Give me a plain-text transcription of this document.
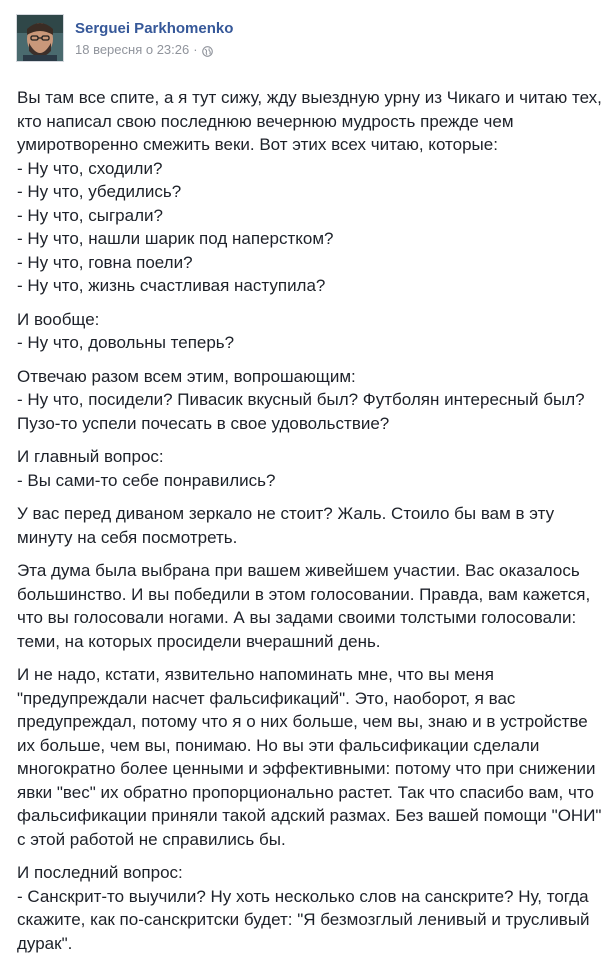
Serguei Parkhomenko
18 вересня о 23:26 ·

Вы там все спите, а я тут сижу, жду выездную урну из Чикаго и читаю тех, кто написал свою последнюю вечернюю мудрость прежде чем умиротворенно смежить веки. Вот этих всех читаю, которые:
- Ну что, сходили?
- Ну что, убедились?
- Ну что, сыграли?
- Ну что, нашли шарик под наперстком?
- Ну что, говна поели?
- Ну что, жизнь счастливая наступила?

И вообще:
- Ну что, довольны теперь?

Отвечаю разом всем этим, вопрошающим:
- Ну что, посидели? Пивасик вкусный был? Футболян интересный был? Пузо-то успели почесать в свое удовольствие?

И главный вопрос:
- Вы сами-то себе понравились?

У вас перед диваном зеркало не стоит? Жаль. Стоило бы вам в эту минуту на себя посмотреть.

Эта дума была выбрана при вашем живейшем участии. Вас оказалось большинство. И вы победили в этом голосовании. Правда, вам кажется, что вы голосовали ногами. А вы задами своими толстыми голосовали: теми, на которых просидели вчерашний день.

И не надо, кстати, язвительно напоминать мне, что вы меня "предупреждали насчет фальсификаций". Это, наоборот, я вас предупреждал, потому что я о них больше, чем вы, знаю и в устройстве их больше, чем вы, понимаю. Но вы эти фальсификации сделали многократно более ценными и эффективными: потому что при снижении явки "вес" их обратно пропорционально растет. Так что спасибо вам, что фальсификации приняли такой адский размах. Без вашей помощи "ОНИ" с этой работой не справились бы.

И последний вопрос:
- Санскрит-то выучили? Ну хоть несколько слов на санскрите? Ну, тогда скажите, как по-санскритски будет: "Я безмозглый ленивый и трусливый дурак".
